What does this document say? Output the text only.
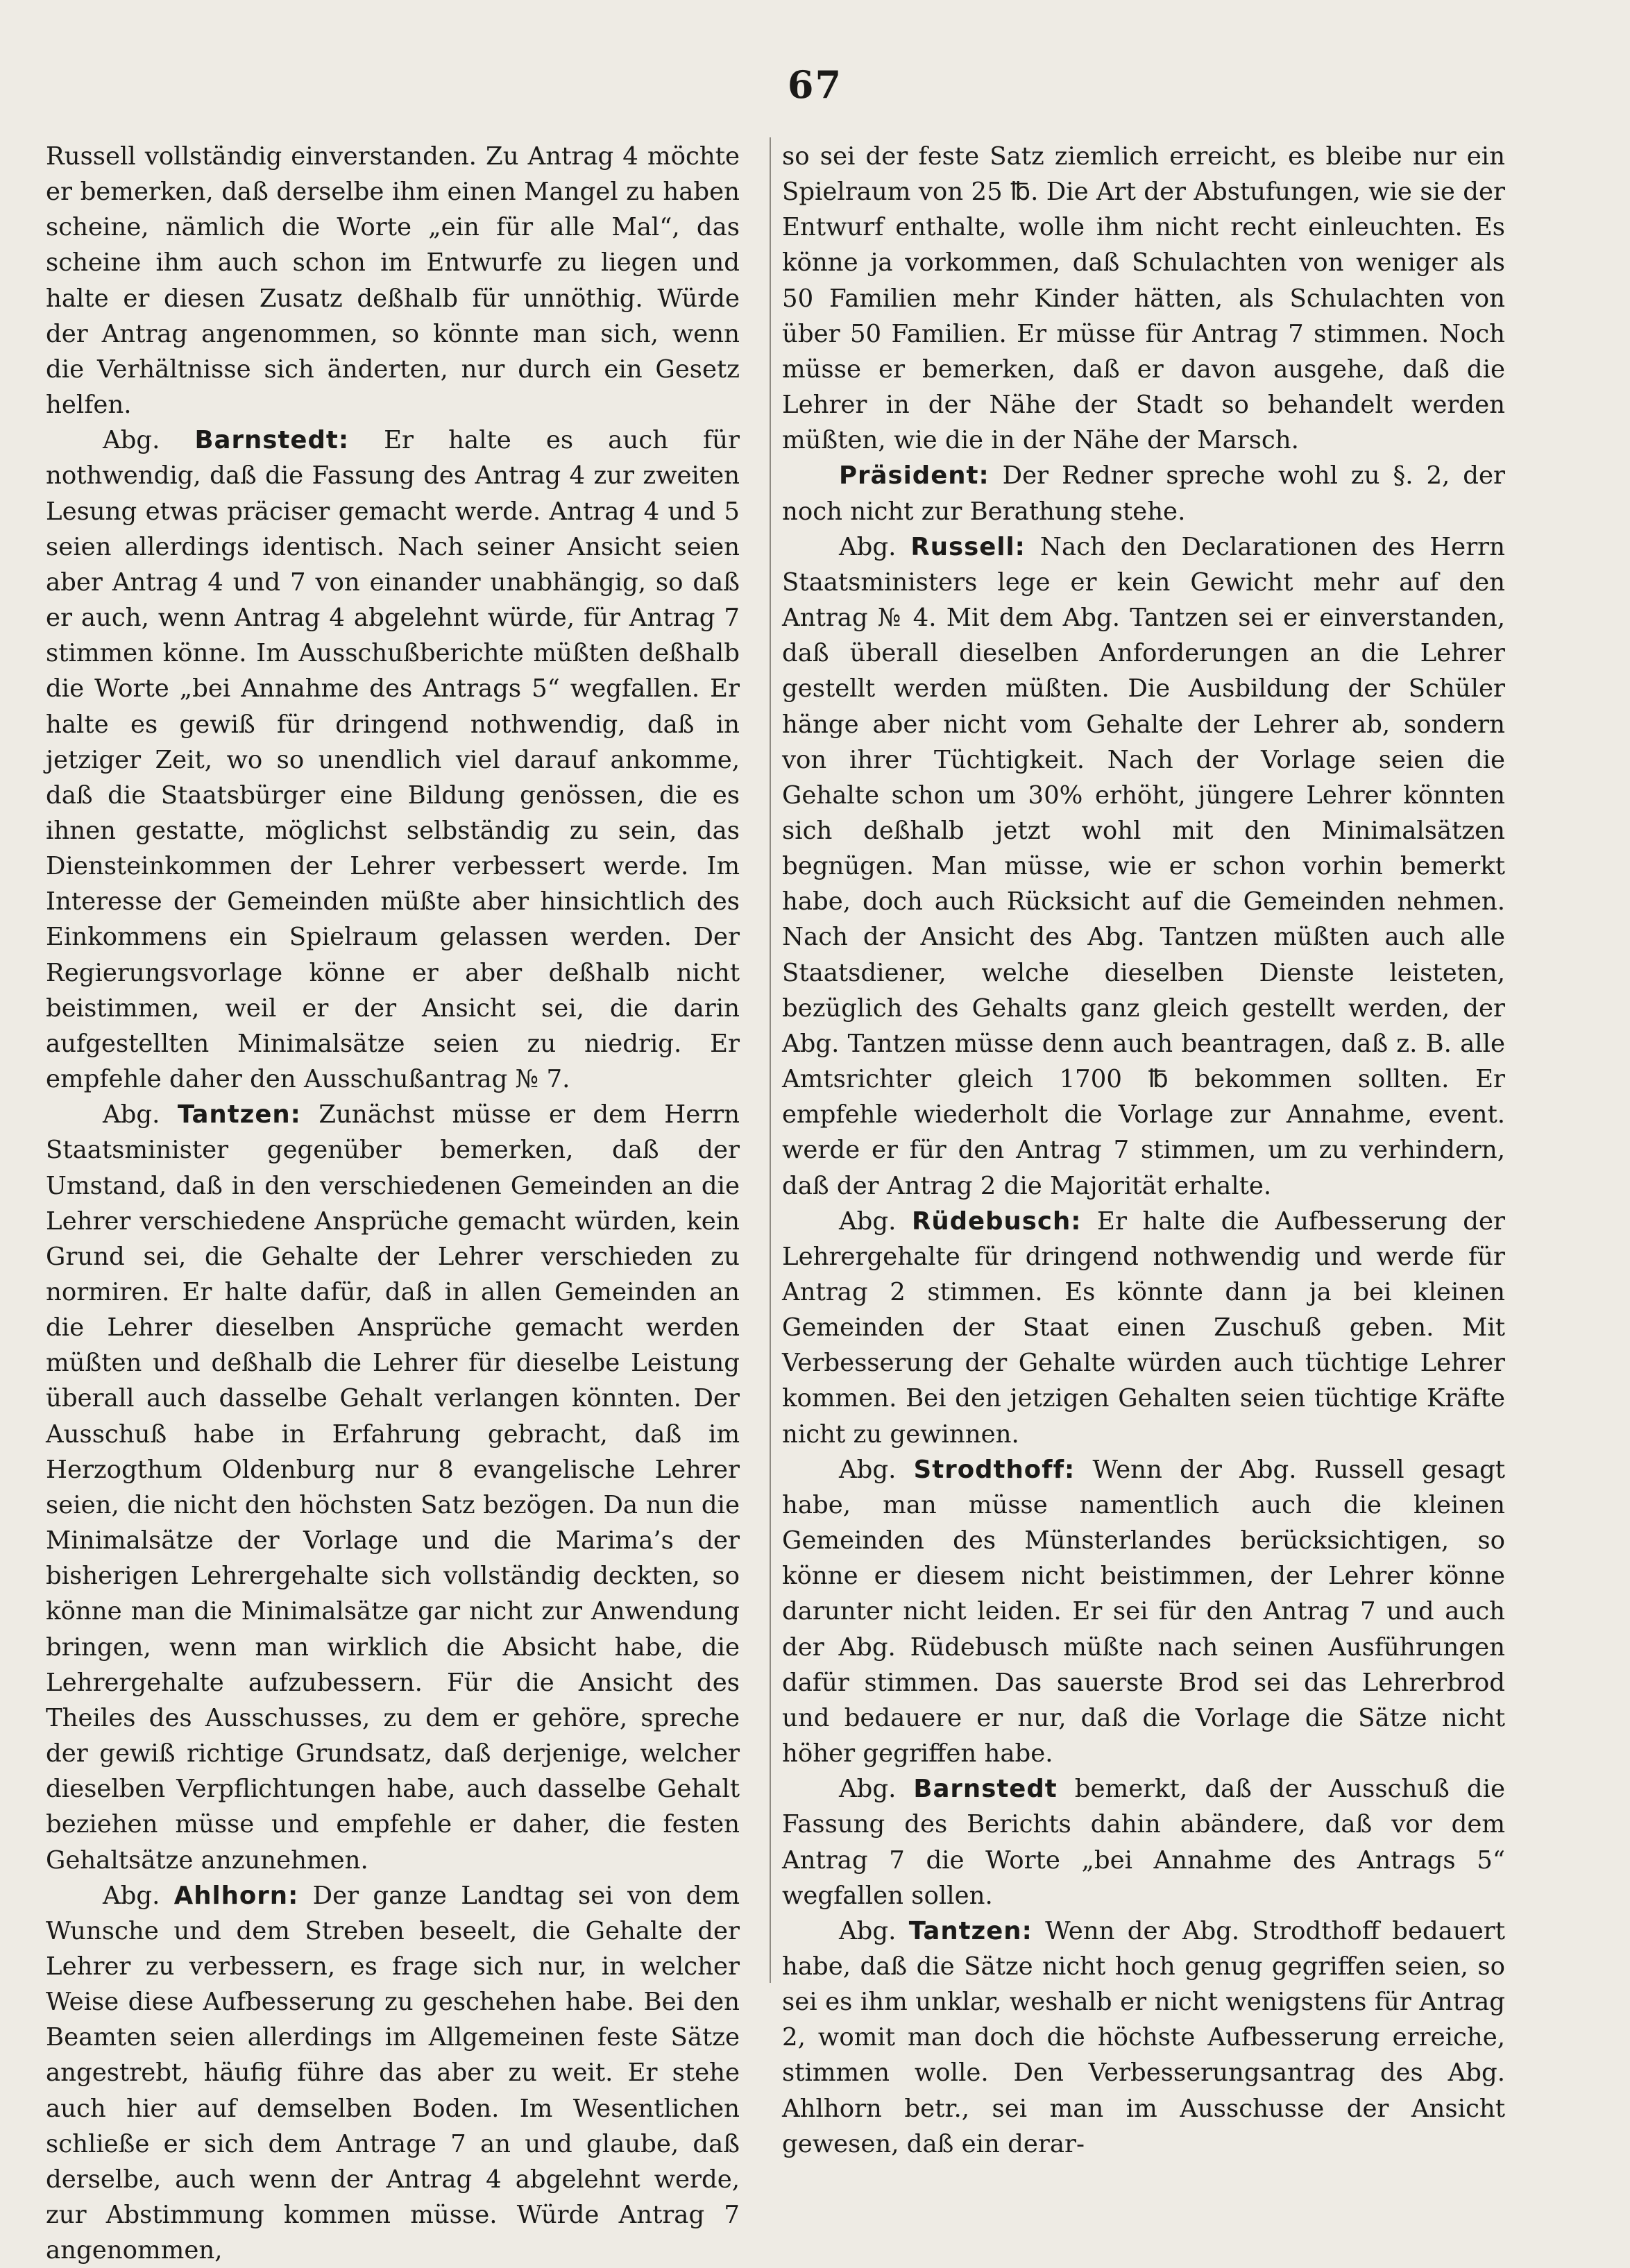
67

Russell vollständig einverstanden. Zu Antrag 4 möchte er bemerken, daß derselbe ihm einen Mangel zu haben scheine, nämlich die Worte „ein für alle Mal“, das scheine ihm auch schon im Entwurfe zu liegen und halte er diesen Zusatz deßhalb für unnöthig. Würde der Antrag angenommen, so könnte man sich, wenn die Verhältnisse sich änderten, nur durch ein Gesetz helfen.

Abg. Barnstedt: Er halte es auch für nothwendig, daß die Fassung des Antrag 4 zur zweiten Lesung etwas präciser gemacht werde. Antrag 4 und 5 seien allerdings identisch. Nach seiner Ansicht seien aber Antrag 4 und 7 von einander unabhängig, so daß er auch, wenn Antrag 4 abgelehnt würde, für Antrag 7 stimmen könne. Im Ausschußberichte müßten deßhalb die Worte „bei Annahme des Antrags 5“ wegfallen. Er halte es gewiß für dringend nothwendig, daß in jetziger Zeit, wo so unendlich viel darauf ankomme, daß die Staatsbürger eine Bildung genössen, die es ihnen gestatte, möglichst selbständig zu sein, das Diensteinkommen der Lehrer verbessert werde. Im Interesse der Gemeinden müßte aber hinsichtlich des Einkommens ein Spielraum gelassen werden. Der Regierungsvorlage könne er aber deßhalb nicht beistimmen, weil er der Ansicht sei, die darin aufgestellten Minimalsätze seien zu niedrig. Er empfehle daher den Ausschußantrag № 7.

Abg. Tantzen: Zunächst müsse er dem Herrn Staatsminister gegenüber bemerken, daß der Umstand, daß in den verschiedenen Gemeinden an die Lehrer verschiedene Ansprüche gemacht würden, kein Grund sei, die Gehalte der Lehrer verschieden zu normiren. Er halte dafür, daß in allen Gemeinden an die Lehrer dieselben Ansprüche gemacht werden müßten und deßhalb die Lehrer für dieselbe Leistung überall auch dasselbe Gehalt verlangen könnten. Der Ausschuß habe in Erfahrung gebracht, daß im Herzogthum Oldenburg nur 8 evangelische Lehrer seien, die nicht den höchsten Satz bezögen. Da nun die Minimalsätze der Vorlage und die Marima’s der bisherigen Lehrergehalte sich vollständig deckten, so könne man die Minimalsätze gar nicht zur Anwendung bringen, wenn man wirklich die Absicht habe, die Lehrergehalte aufzubessern. Für die Ansicht des Theiles des Ausschusses, zu dem er gehöre, spreche der gewiß richtige Grundsatz, daß derjenige, welcher dieselben Verpflichtungen habe, auch dasselbe Gehalt beziehen müsse und empfehle er daher, die festen Gehaltsätze anzunehmen.

Abg. Ahlhorn: Der ganze Landtag sei von dem Wunsche und dem Streben beseelt, die Gehalte der Lehrer zu verbessern, es frage sich nur, in welcher Weise diese Aufbesserung zu geschehen habe. Bei den Beamten seien allerdings im Allgemeinen feste Sätze angestrebt, häufig führe das aber zu weit. Er stehe auch hier auf demselben Boden. Im Wesentlichen schließe er sich dem Antrage 7 an und glaube, daß derselbe, auch wenn der Antrag 4 abgelehnt werde, zur Abstimmung kommen müsse. Würde Antrag 7 angenommen,

so sei der feste Satz ziemlich erreicht, es bleibe nur ein Spielraum von 25 ℔. Die Art der Abstufungen, wie sie der Entwurf enthalte, wolle ihm nicht recht einleuchten. Es könne ja vorkommen, daß Schulachten von weniger als 50 Familien mehr Kinder hätten, als Schulachten von über 50 Familien. Er müsse für Antrag 7 stimmen. Noch müsse er bemerken, daß er davon ausgehe, daß die Lehrer in der Nähe der Stadt so behandelt werden müßten, wie die in der Nähe der Marsch.

Präsident: Der Redner spreche wohl zu §. 2, der noch nicht zur Berathung stehe.

Abg. Russell: Nach den Declarationen des Herrn Staatsministers lege er kein Gewicht mehr auf den Antrag № 4. Mit dem Abg. Tantzen sei er einverstanden, daß überall dieselben Anforderungen an die Lehrer gestellt werden müßten. Die Ausbildung der Schüler hänge aber nicht vom Gehalte der Lehrer ab, sondern von ihrer Tüchtigkeit. Nach der Vorlage seien die Gehalte schon um 30% erhöht, jüngere Lehrer könnten sich deßhalb jetzt wohl mit den Minimalsätzen begnügen. Man müsse, wie er schon vorhin bemerkt habe, doch auch Rücksicht auf die Gemeinden nehmen. Nach der Ansicht des Abg. Tantzen müßten auch alle Staatsdiener, welche dieselben Dienste leisteten, bezüglich des Gehalts ganz gleich gestellt werden, der Abg. Tantzen müsse denn auch beantragen, daß z. B. alle Amtsrichter gleich 1700 ℔ bekommen sollten. Er empfehle wiederholt die Vorlage zur Annahme, event. werde er für den Antrag 7 stimmen, um zu verhindern, daß der Antrag 2 die Majorität erhalte.

Abg. Rüdebusch: Er halte die Aufbesserung der Lehrergehalte für dringend nothwendig und werde für Antrag 2 stimmen. Es könnte dann ja bei kleinen Gemeinden der Staat einen Zuschuß geben. Mit Verbesserung der Gehalte würden auch tüchtige Lehrer kommen. Bei den jetzigen Gehalten seien tüchtige Kräfte nicht zu gewinnen.

Abg. Strodthoff: Wenn der Abg. Russell gesagt habe, man müsse namentlich auch die kleinen Gemeinden des Münsterlandes berücksichtigen, so könne er diesem nicht beistimmen, der Lehrer könne darunter nicht leiden. Er sei für den Antrag 7 und auch der Abg. Rüdebusch müßte nach seinen Ausführungen dafür stimmen. Das sauerste Brod sei das Lehrerbrod und bedauere er nur, daß die Vorlage die Sätze nicht höher gegriffen habe.

Abg. Barnstedt bemerkt, daß der Ausschuß die Fassung des Berichts dahin abändere, daß vor dem Antrag 7 die Worte „bei Annahme des Antrags 5“ wegfallen sollen.

Abg. Tantzen: Wenn der Abg. Strodthoff bedauert habe, daß die Sätze nicht hoch genug gegriffen seien, so sei es ihm unklar, weshalb er nicht wenigstens für Antrag 2, womit man doch die höchste Aufbesserung erreiche, stimmen wolle. Den Verbesserungsantrag des Abg. Ahlhorn betr., sei man im Ausschusse der Ansicht gewesen, daß ein derar-
